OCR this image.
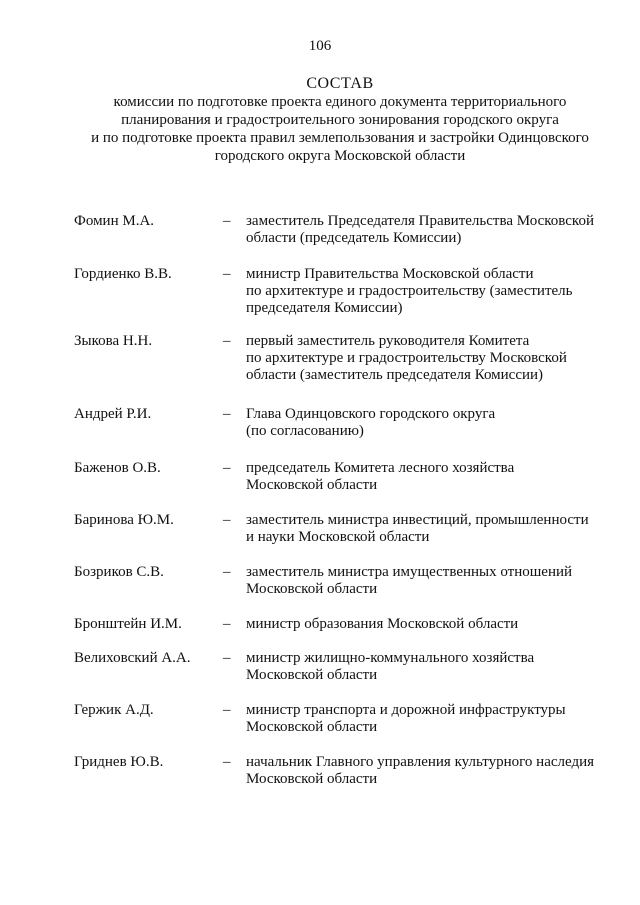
106
СОСТАВ
комиссии по подготовке проекта единого документа территориального
планирования и градостроительного зонирования городского округа
и по подготовке проекта правил землепользования и застройки Одинцовского
городского округа Московской области
Фомин М.А.	– заместитель Председателя Правительства Московской
области (председатель Комиссии)
Гордиенко В.В.	– министр Правительства Московской области
по архитектуре и градостроительству (заместитель
председателя Комиссии)
Зыкова Н.Н.	– первый заместитель руководителя Комитета
по архитектуре и градостроительству Московской
области (заместитель председателя Комиссии)
Андрей Р.И.	– Глава Одинцовского городского округа
(по согласованию)
Баженов О.В.	– председатель Комитета лесного хозяйства
Московской области
Баринова Ю.М.	– заместитель министра инвестиций, промышленности
и науки Московской области
Бозриков С.В.	– заместитель министра имущественных отношений
Московской области
Бронштейн И.М.	– министр образования Московской области
Велиховский А.А. – министр жилищно-коммунального хозяйства
Московской области
Гержик А.Д.	– министр транспорта и дорожной инфраструктуры
Московской области
Гриднев Ю.В.	– начальник Главного управления культурного наследия
Московской области
